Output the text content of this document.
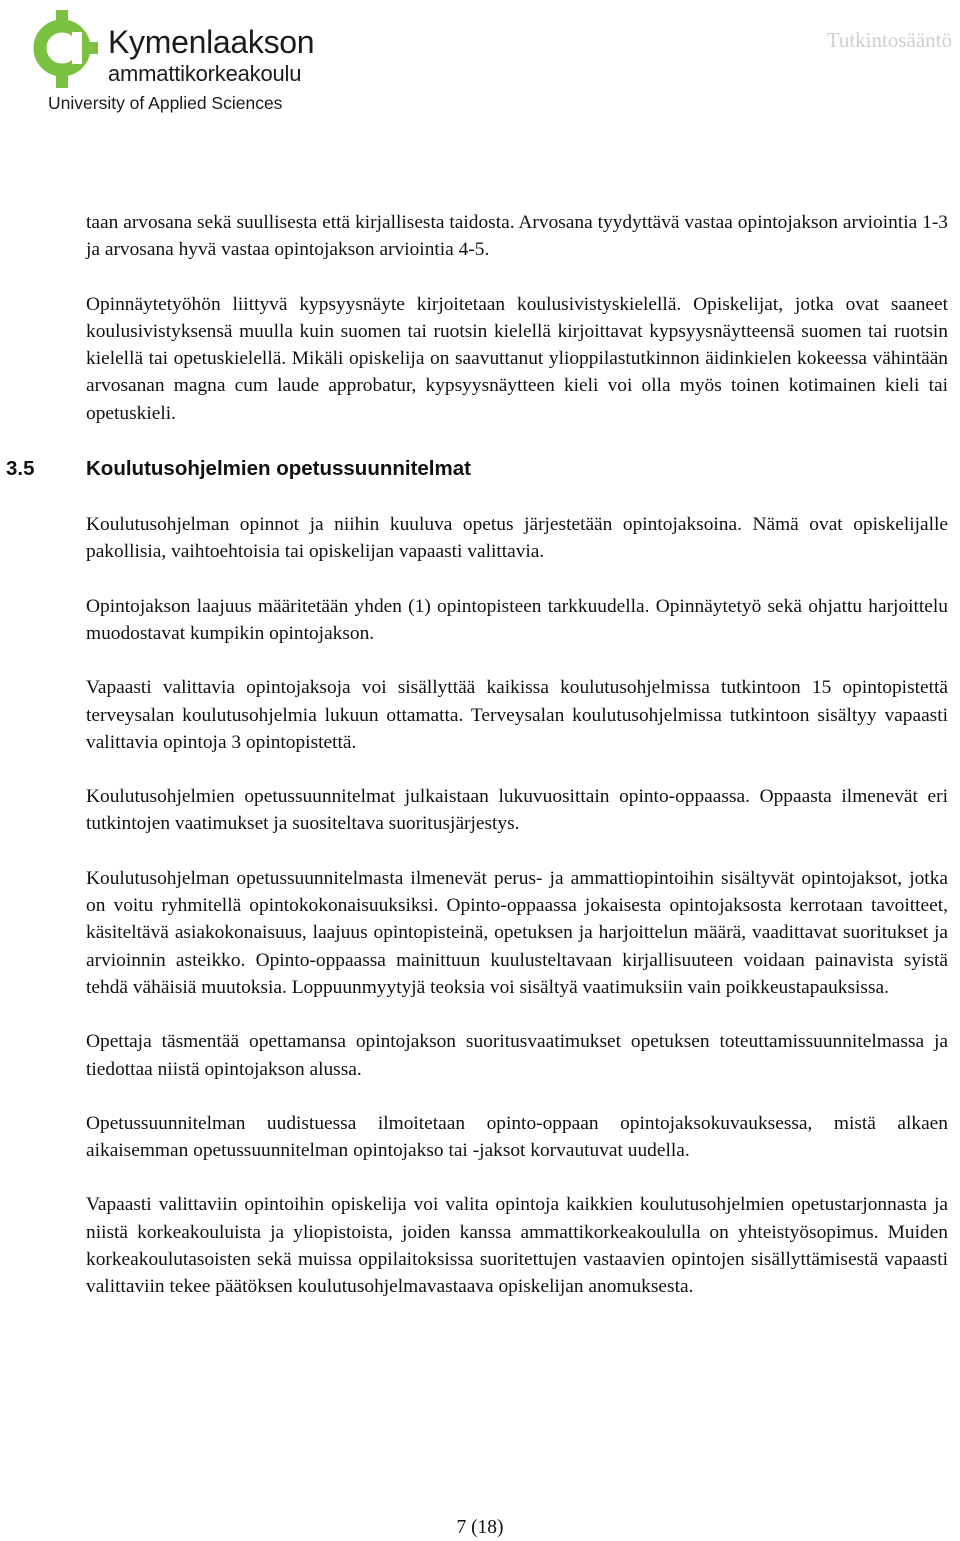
Kymenlaakson
ammattikorkeakoulu
University of Applied Sciences
Tutkintosääntö

taan arvosana sekä suullisesta että kirjallisesta taidosta. Arvosana tyydyttävä vastaa opintojakson arviointia 1-3 ja arvosana hyvä vastaa opintojakson arviointia 4-5.

Opinnäytetyöhön liittyvä kypsyysnäyte kirjoitetaan koulusivistyskielellä. Opiskelijat, jotka ovat saaneet koulusivistyksensä muulla kuin suomen tai ruotsin kielellä kirjoittavat kypsyysnäytteensä suomen tai ruotsin kielellä tai opetuskielellä. Mikäli opiskelija on saavuttanut ylioppilastutkinnon äidinkielen kokeessa vähintään arvosanan magna cum laude approbatur, kypsyysnäytteen kieli voi olla myös toinen kotimainen kieli tai opetuskieli.

3.5	Koulutusohjelmien opetussuunnitelmat

Koulutusohjelman opinnot ja niihin kuuluva opetus järjestetään opintojaksoina. Nämä ovat opiskelijalle pakollisia, vaihtoehtoisia tai opiskelijan vapaasti valittavia.

Opintojakson laajuus määritetään yhden (1) opintopisteen tarkkuudella. Opinnäytetyö sekä ohjattu harjoittelu muodostavat kumpikin opintojakson.

Vapaasti valittavia opintojaksoja voi sisällyttää kaikissa koulutusohjelmissa tutkintoon 15 opintopistettä terveysalan koulutusohjelmia lukuun ottamatta. Terveysalan koulutusohjelmissa tutkintoon sisältyy vapaasti valittavia opintoja 3 opintopistettä.

Koulutusohjelmien opetussuunnitelmat julkaistaan lukuvuosittain opinto-oppaassa. Oppaasta ilmenevät eri tutkintojen vaatimukset ja suositeltava suoritusjärjestys.

Koulutusohjelman opetussuunnitelmasta ilmenevät perus- ja ammattiopintoihin sisältyvät opintojaksot, jotka on voitu ryhmitellä opintokokonaisuuksiksi. Opinto-oppaassa jokaisesta opintojaksosta kerrotaan tavoitteet, käsiteltävä asiakokonaisuus, laajuus opintopisteinä, opetuksen ja harjoittelun määrä, vaadittavat suoritukset ja arvioinnin asteikko. Opinto-oppaassa mainittuun kuulusteltavaan kirjallisuuteen voidaan painavista syistä tehdä vähäisiä muutoksia. Loppuunmyytyjä teoksia voi sisältyä vaatimuksiin vain poikkeustapauksissa.

Opettaja täsmentää opettamansa opintojakson suoritusvaatimukset opetuksen toteuttamissuunnitelmassa ja tiedottaa niistä opintojakson alussa.

Opetussuunnitelman uudistuessa ilmoitetaan opinto-oppaan opintojaksokuvauksessa, mistä alkaen aikaisemman opetussuunnitelman opintojakso tai -jaksot korvautuvat uudella.

Vapaasti valittaviin opintoihin opiskelija voi valita opintoja kaikkien koulutusohjelmien opetustarjonnasta ja niistä korkeakouluista ja yliopistoista, joiden kanssa ammattikorkeakoululla on yhteistyösopimus. Muiden korkeakoulutasoisten sekä muissa oppilaitoksissa suoritettujen vastaavien opintojen sisällyttämisestä vapaasti valittaviin tekee päätöksen koulutusohjelmavastaava opiskelijan anomuksesta.

7 (18)
